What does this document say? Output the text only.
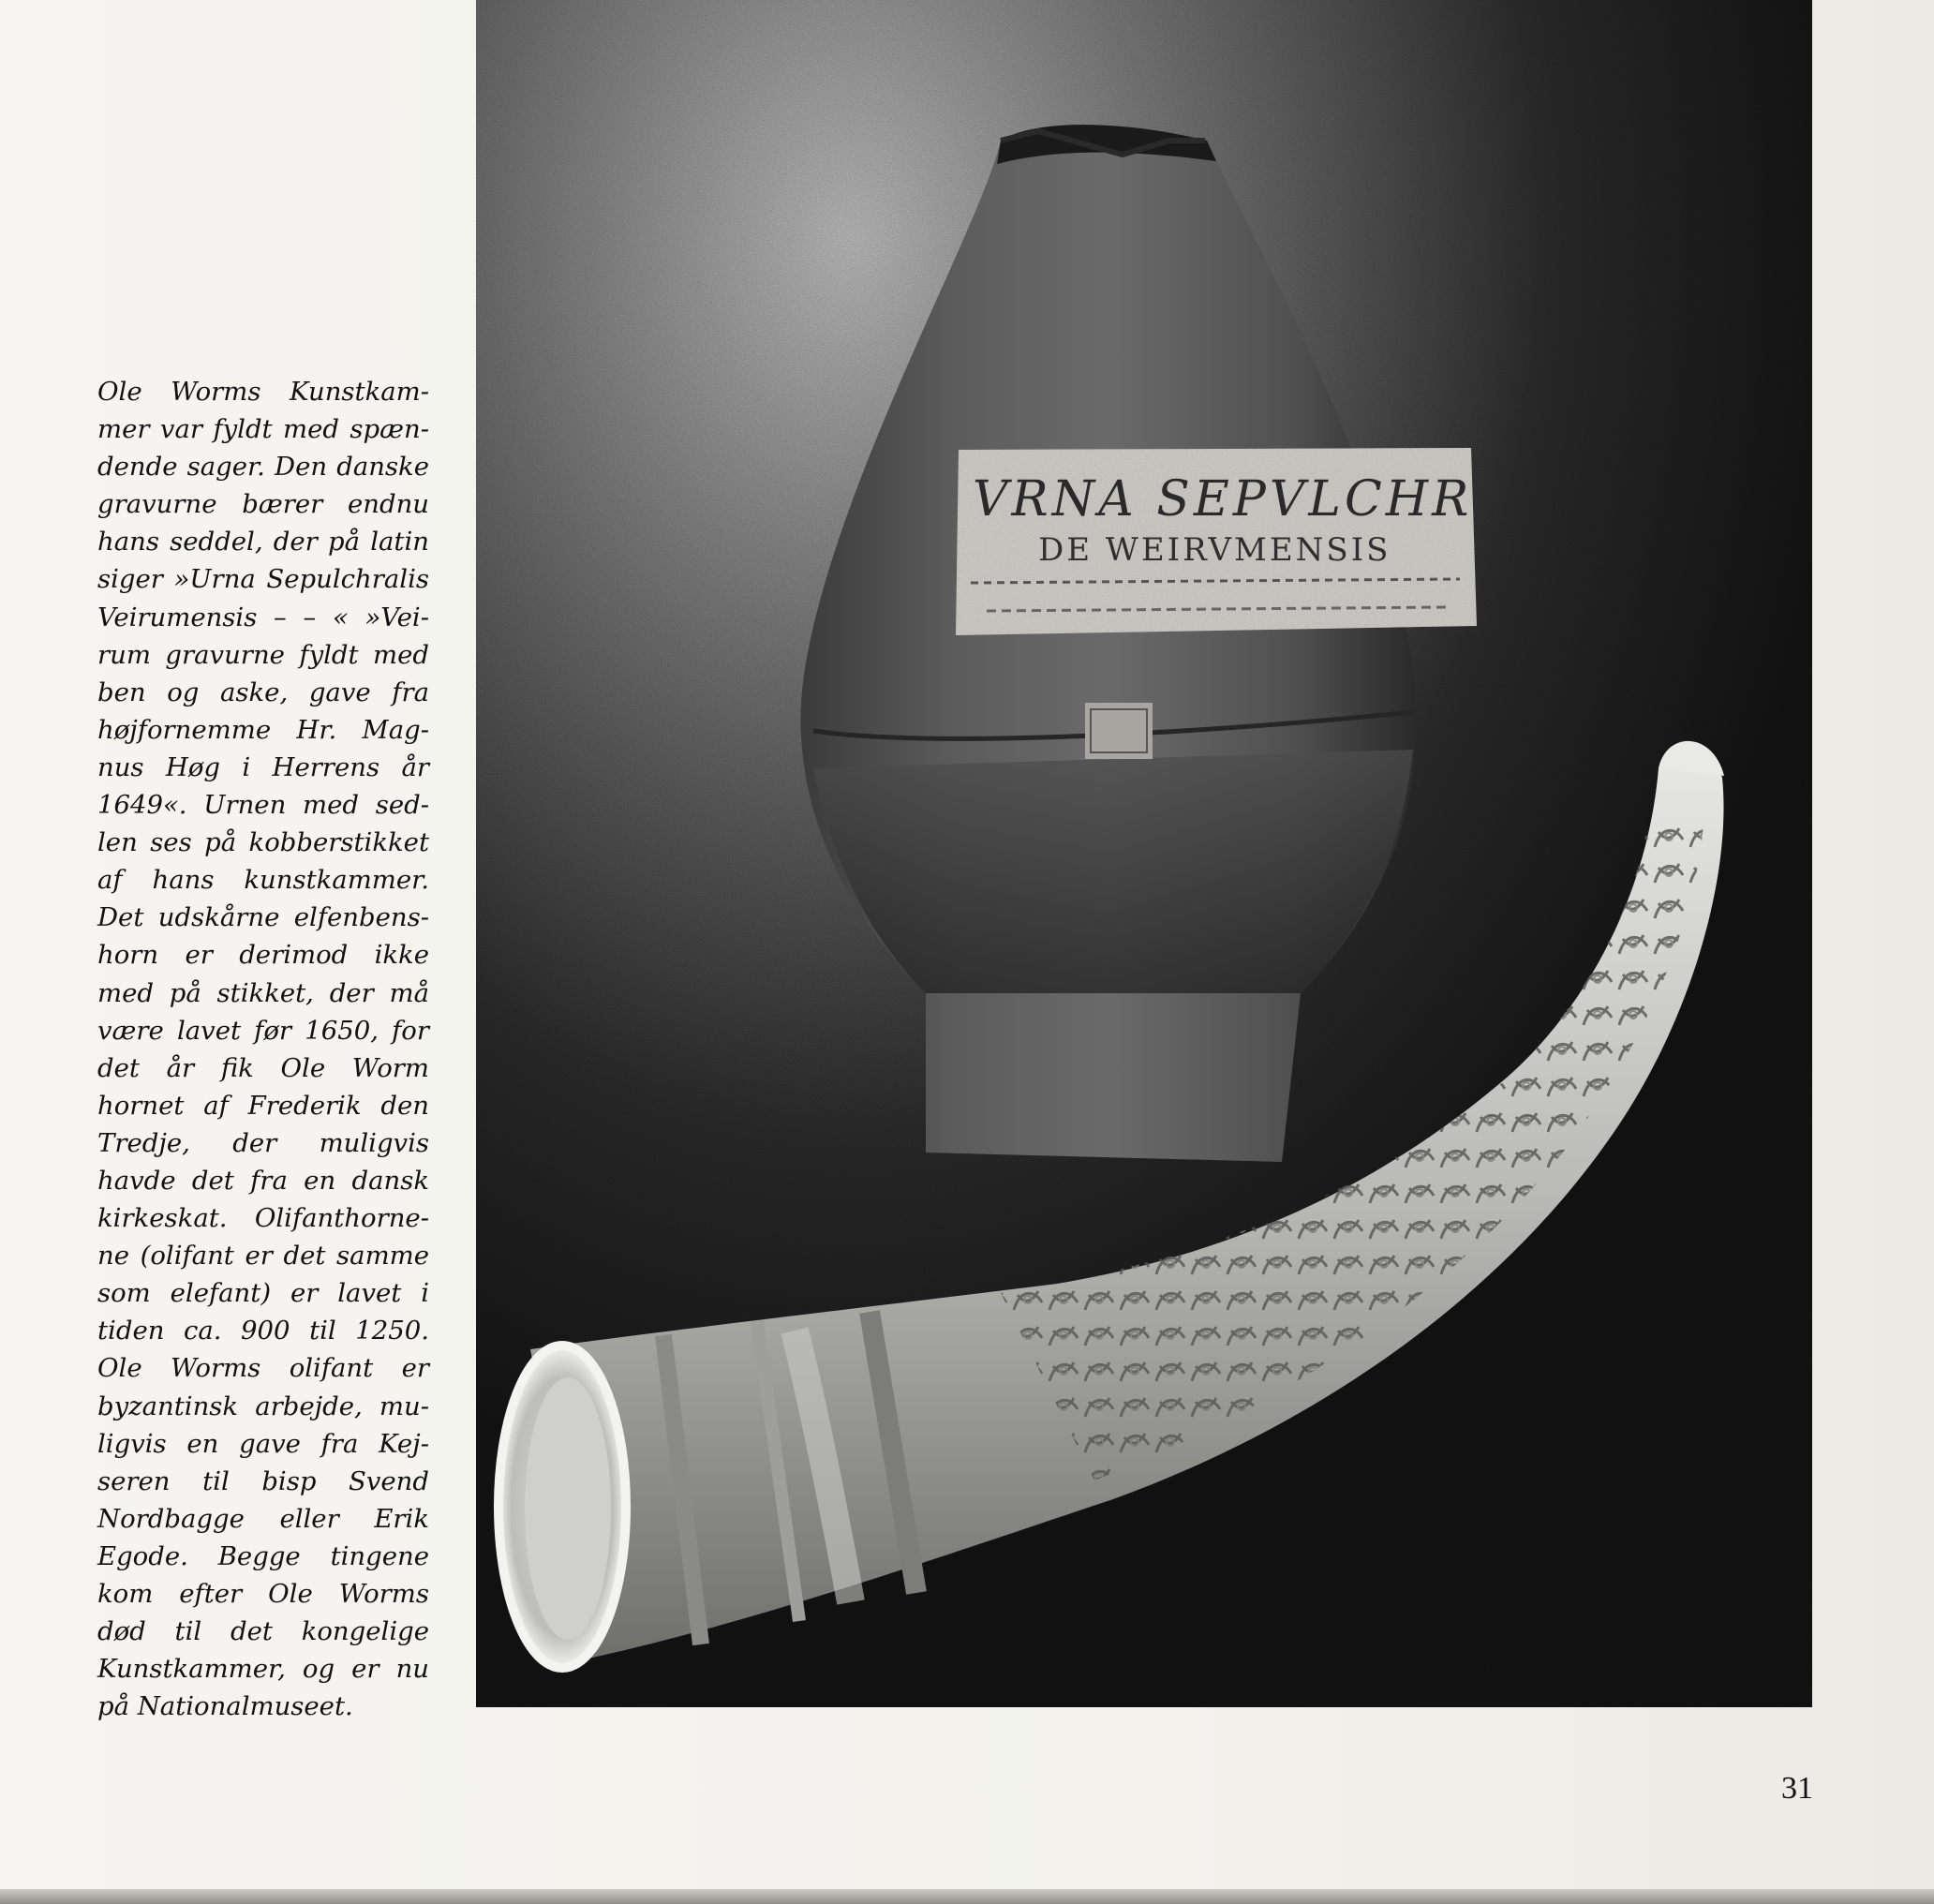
Ole Worms Kunstkam-
mer var fyldt med spæn-
dende sager. Den danske
gravurne bærer endnu
hans seddel, der på latin
siger »Urna Sepulchralis
Veirumensis – – « »Vei-
rum gravurne fyldt med
ben og aske, gave fra
højfornemme Hr. Mag-
nus Høg i Herrens år
1649«. Urnen med sed-
len ses på kobberstikket
af hans kunstkammer.
Det udskårne elfenbens-
horn er derimod ikke
med på stikket, der må
være lavet før 1650, for
det år fik Ole Worm
hornet af Frederik den
Tredje, der muligvis
havde det fra en dansk
kirkeskat. Olifanthorne-
ne (olifant er det samme
som elefant) er lavet i
tiden ca. 900 til 1250.
Ole Worms olifant er
byzantinsk arbejde, mu-
ligvis en gave fra Kej-
seren til bisp Svend
Nordbagge eller Erik
Egode. Begge tingene
kom efter Ole Worms
død til det kongelige
Kunstkammer, og er nu
på Nationalmuseet.
VRNA SEPVLCHR
DE WEIRVMENSIS
31
